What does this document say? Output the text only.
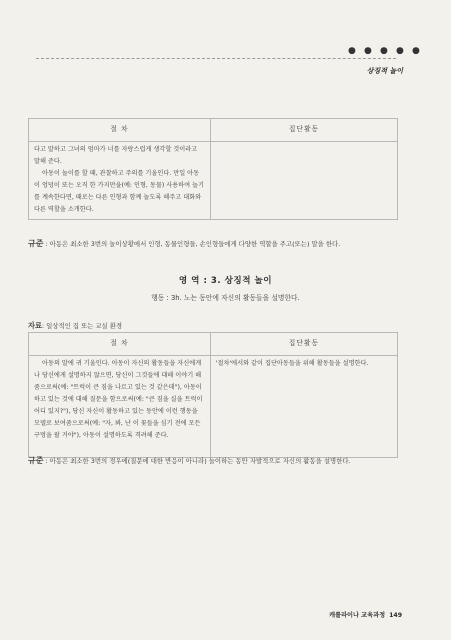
● ● ● ● ●
상징적 놀이
절 차	집단활동

다고 말하고 그녀의 엄마가 너를 자랑스럽게 생각할 것이라고 말해 준다.

아동이 놀이를 할 때, 관찰하고 주의를 기울인다. 만일 아동이 엉덩이 또는 오직 한 가지만을(예: 인형, 동물) 사용하여 놀기를 계속한다면, 때로는 다른 인형과 함께 놀도록 해주고 대화와 다른 역할을 소개한다.	

규준 : 아동은 최소한 3번의 놀이상황에서 인형, 동물인형들, 손인형들에게 다양한 역할을 주고(또는) 말을 한다.
영 역 : 3. 상징적 놀이
행동 : 3h. 노는 동안에 자신의 활동들을 설명한다.
자료: 일상적인 집 또는 교실 환경
절 차	집단활동

아동의 말에 귀 기울인다. 아동이 자신의 활동들을 자신에게나 당신에게 설명하지 않으면, 당신이 그것들에 대해 이야기 해 줌으로써(예: "트럭이 큰 짐을 나르고 있는 것 같은데"), 아동이 하고 있는 것에 대해 질문을 함으로써(예: "큰 짐을 실을 트럭이 어디 있지?"), 당신 자신이 활동하고 있는 동안에 이런 행동을 모델로 보여줌으로써(예: "자, 봐, 난 이 꽃들을 심기 전에 모든 구멍을 팔 거야"), 아동이 설명하도록 격려해 준다.	'절차'에서와 같이 집단아동들을 위해 활동들을 설명한다.

규준 : 아동은 최소한 3번의 경우에(질문에 대한 반응이 아니라) 놀이하는 동안 자발적으로 자신의 활동을 설명한다.
캐롤라이나 교육과정 149
